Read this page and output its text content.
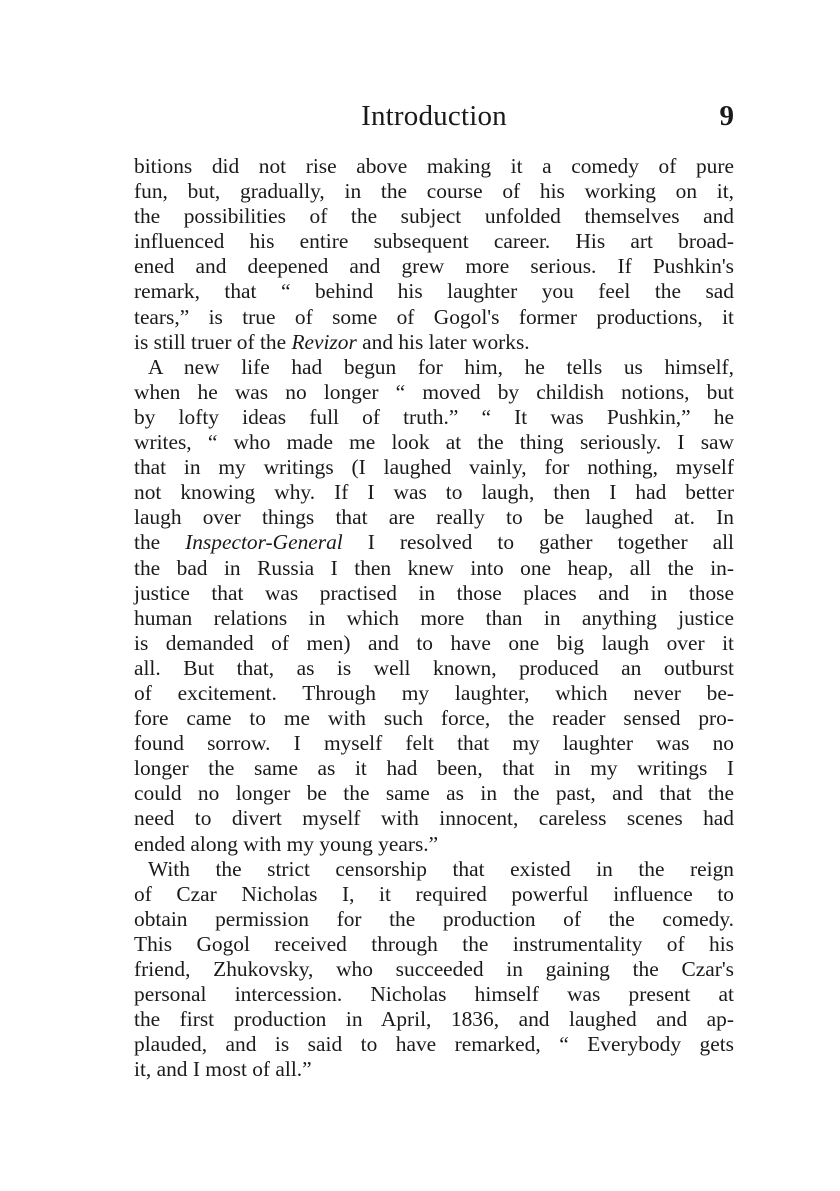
Introduction	9
bitions did not rise above making it a comedy of pure
fun, but, gradually, in the course of his working on it,
the possibilities of the subject unfolded themselves and
influenced his entire subsequent career. His art broad-
ened and deepened and grew more serious. If Pushkin's
remark, that “ behind his laughter you feel the sad
tears,” is true of some of Gogol's former productions, it
is still truer of the Revizor and his later works.
A new life had begun for him, he tells us himself,
when he was no longer “ moved by childish notions, but
by lofty ideas full of truth.” “ It was Pushkin,” he
writes, “ who made me look at the thing seriously. I saw
that in my writings (I laughed vainly, for nothing, myself
not knowing why. If I was to laugh, then I had better
laugh over things that are really to be laughed at. In
the Inspector-General I resolved to gather together all
the bad in Russia I then knew into one heap, all the in-
justice that was practised in those places and in those
human relations in which more than in anything justice
is demanded of men) and to have one big laugh over it
all. But that, as is well known, produced an outburst
of excitement. Through my laughter, which never be-
fore came to me with such force, the reader sensed pro-
found sorrow. I myself felt that my laughter was no
longer the same as it had been, that in my writings I
could no longer be the same as in the past, and that the
need to divert myself with innocent, careless scenes had
ended along with my young years.”
With the strict censorship that existed in the reign
of Czar Nicholas I, it required powerful influence to
obtain permission for the production of the comedy.
This Gogol received through the instrumentality of his
friend, Zhukovsky, who succeeded in gaining the Czar's
personal intercession. Nicholas himself was present at
the first production in April, 1836, and laughed and ap-
plauded, and is said to have remarked, “ Everybody gets
it, and I most of all.”
